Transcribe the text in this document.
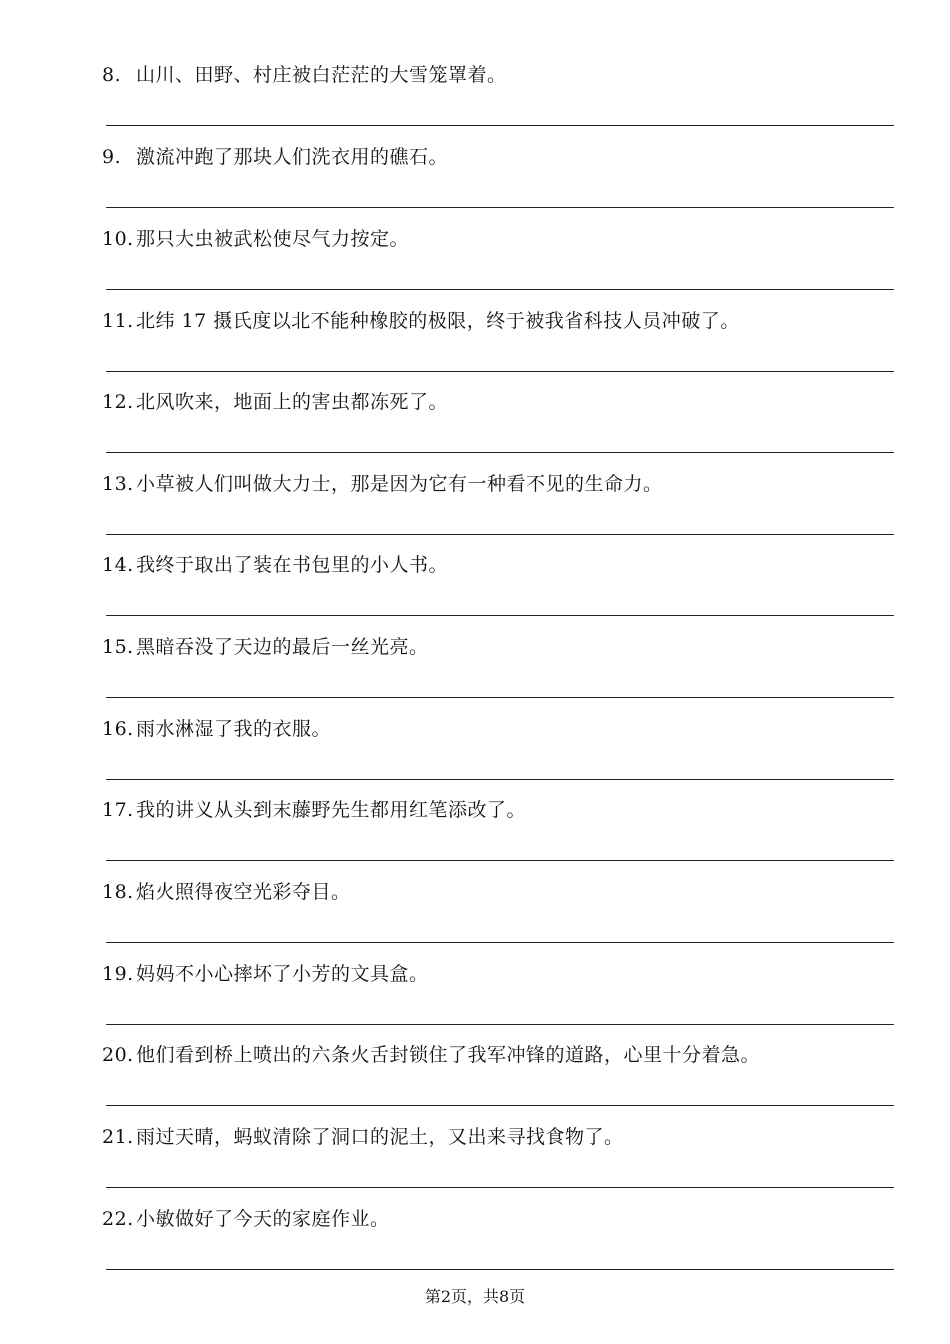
8. 山川、田野、村庄被白茫茫的大雪笼罩着。
9. 激流冲跑了那块人们洗衣用的礁石。
10. 那只大虫被武松使尽气力按定。
11. 北纬 17 摄氏度以北不能种橡胶的极限，终于被我省科技人员冲破了。
12. 北风吹来，地面上的害虫都冻死了。
13. 小草被人们叫做大力士，那是因为它有一种看不见的生命力。
14. 我终于取出了装在书包里的小人书。
15. 黑暗吞没了天边的最后一丝光亮。
16. 雨水淋湿了我的衣服。
17. 我的讲义从头到末藤野先生都用红笔添改了。
18. 焰火照得夜空光彩夺目。
19. 妈妈不小心摔坏了小芳的文具盒。
20. 他们看到桥上喷出的六条火舌封锁住了我军冲锋的道路，心里十分着急。
21. 雨过天晴，蚂蚁清除了洞口的泥土，又出来寻找食物了。
22. 小敏做好了今天的家庭作业。
第2页，共8页
